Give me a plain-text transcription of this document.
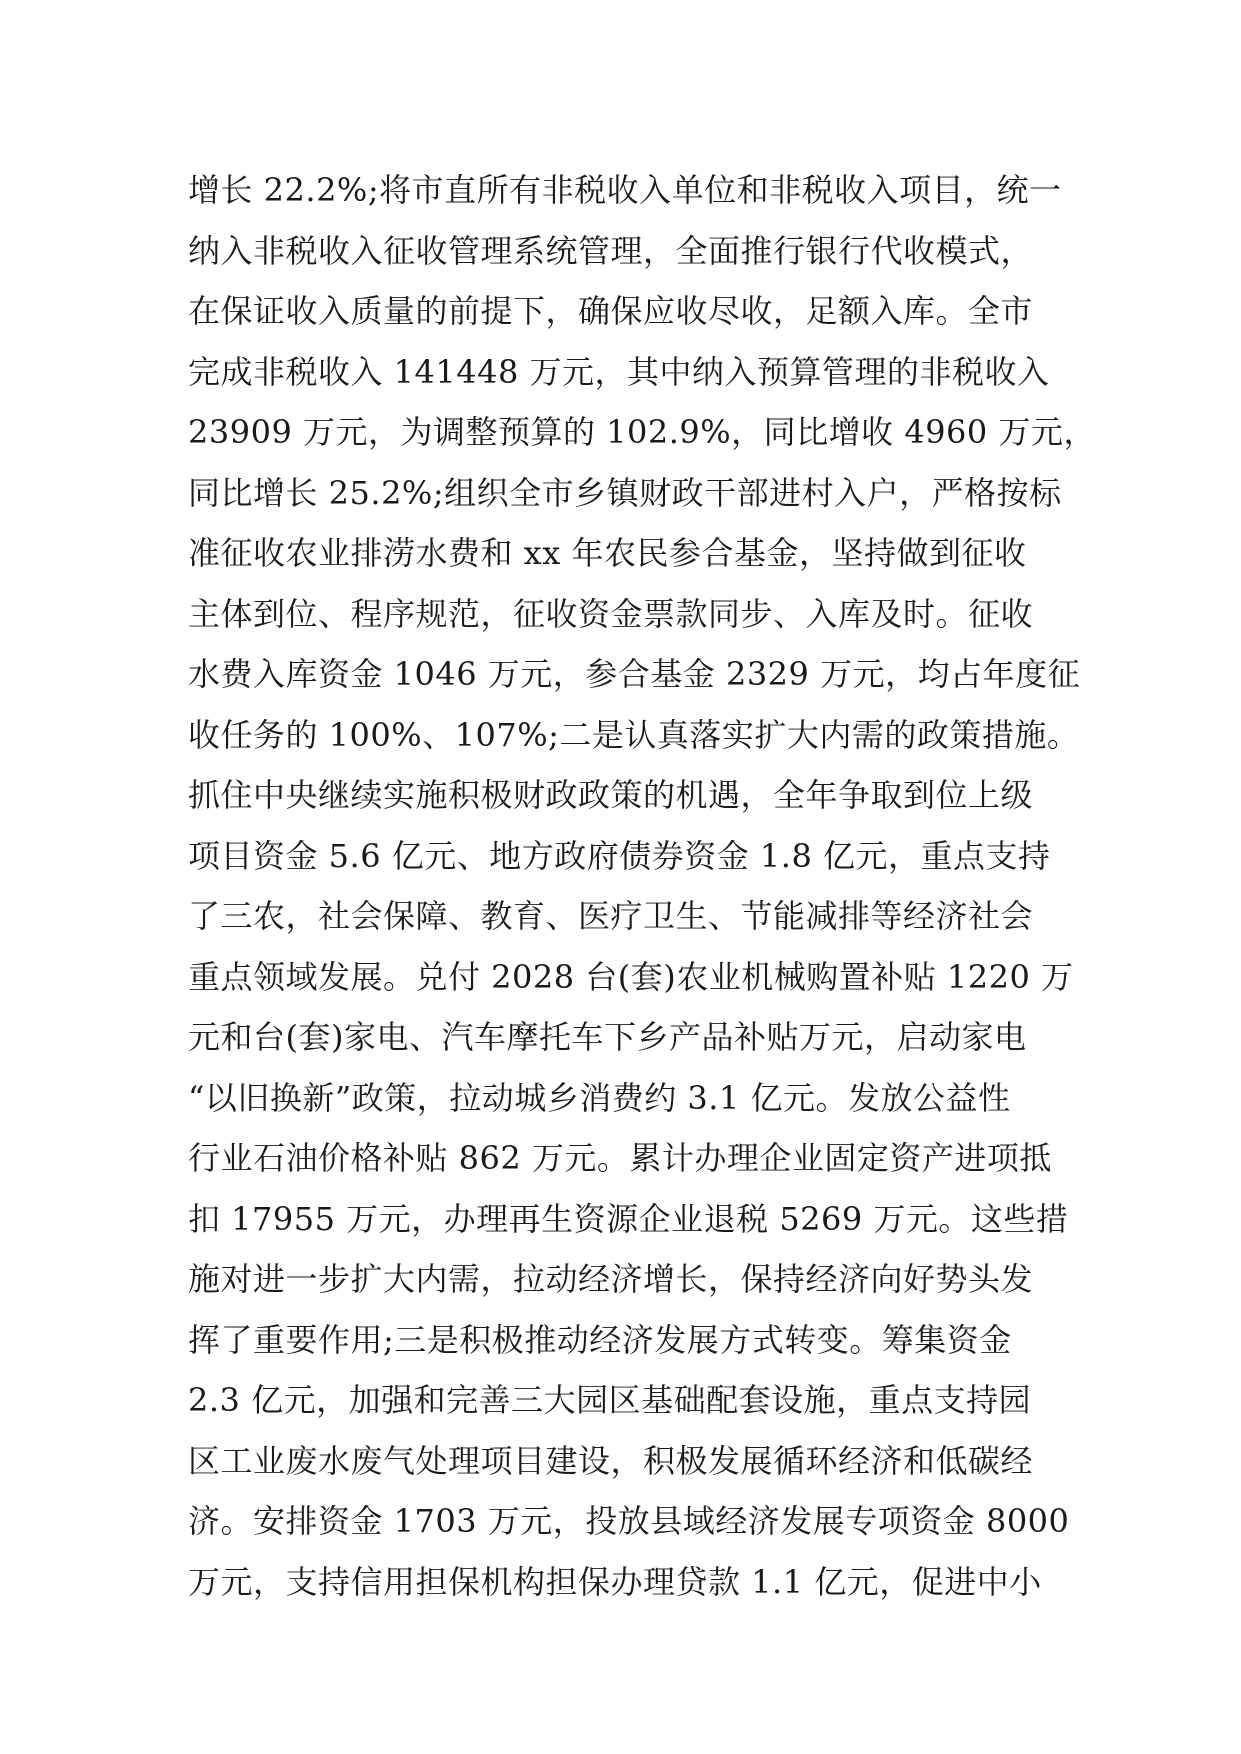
增长 22.2%;将市直所有非税收入单位和非税收入项目，统一
纳入非税收入征收管理系统管理，全面推行银行代收模式，
在保证收入质量的前提下，确保应收尽收，足额入库。全市
完成非税收入 141448 万元，其中纳入预算管理的非税收入
23909 万元，为调整预算的 102.9%，同比增收 4960 万元，
同比增长 25.2%;组织全市乡镇财政干部进村入户，严格按标
准征收农业排涝水费和 xx 年农民参合基金，坚持做到征收
主体到位、程序规范，征收资金票款同步、入库及时。征收
水费入库资金 1046 万元，参合基金 2329 万元，均占年度征
收任务的 100%、107%;二是认真落实扩大内需的政策措施。
抓住中央继续实施积极财政政策的机遇，全年争取到位上级
项目资金 5.6 亿元、地方政府债券资金 1.8 亿元，重点支持
了三农，社会保障、教育、医疗卫生、节能减排等经济社会
重点领域发展。兑付 2028 台(套)农业机械购置补贴 1220 万
元和台(套)家电、汽车摩托车下乡产品补贴万元，启动家电
“以旧换新”政策，拉动城乡消费约 3.1 亿元。发放公益性
行业石油价格补贴 862 万元。累计办理企业固定资产进项抵
扣 17955 万元，办理再生资源企业退税 5269 万元。这些措
施对进一步扩大内需，拉动经济增长，保持经济向好势头发
挥了重要作用;三是积极推动经济发展方式转变。筹集资金
2.3 亿元，加强和完善三大园区基础配套设施，重点支持园
区工业废水废气处理项目建设，积极发展循环经济和低碳经
济。安排资金 1703 万元，投放县域经济发展专项资金 8000
万元，支持信用担保机构担保办理贷款 1.1 亿元，促进中小
